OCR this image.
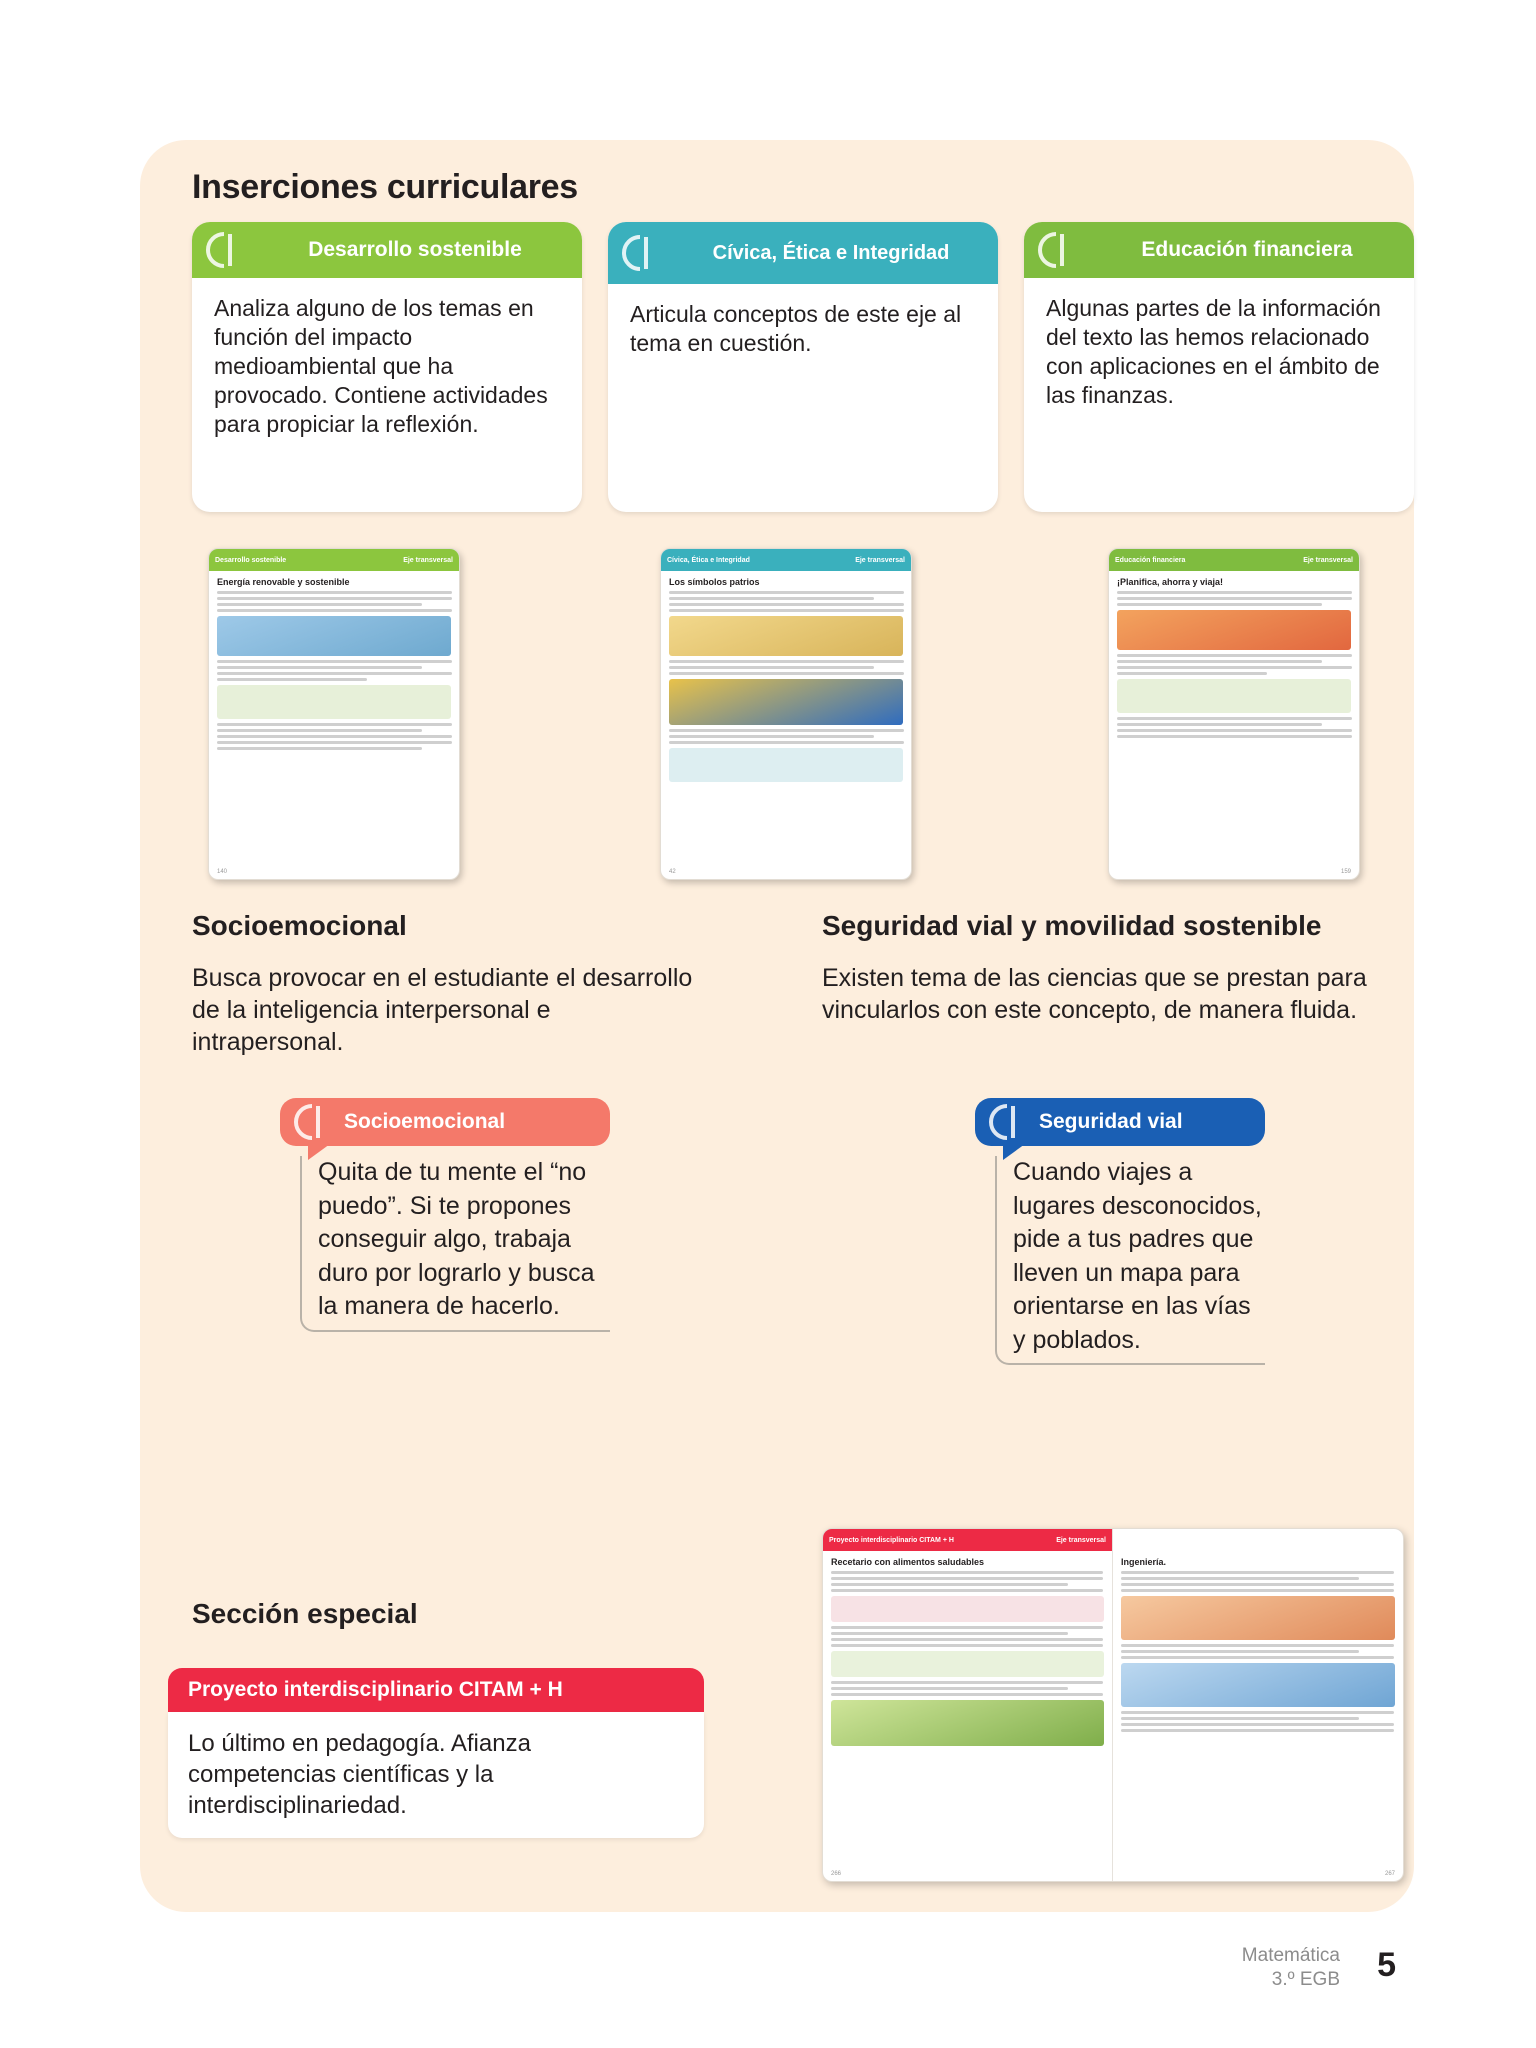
Inserciones curriculares
Desarrollo sostenible
Analiza alguno de los temas en función del impacto medioambiental que ha provocado. Contiene actividades para propiciar la reflexión.
Cívica, Ética e Integridad
Articula conceptos de este eje al tema en cuestión.
Educación financiera
Algunas partes de la información del texto las hemos relacionado con aplicaciones en el ámbito de las finanzas.
Desarrollo sostenible	Eje transversal
Energía renovable y sostenible
140
Cívica, Ética e Integridad	Eje transversal
Los símbolos patrios
42
Educación financiera	Eje transversal
¡Planifica, ahorra y viaja!
159
Socioemocional
Busca provocar en el estudiante el desarrollo de la inteligencia interpersonal e intrapersonal.
Socioemocional
Quita de tu mente el “no puedo”. Si te propones conseguir algo, trabaja duro por lograrlo y busca la manera de hacerlo.
Seguridad vial y movilidad sostenible
Existen tema de las ciencias que se prestan para vincularlos con este concepto, de manera fluida.
Seguridad vial
Cuando viajes a lugares desconocidos, pide a tus padres que lleven un mapa para orientarse en las vías y poblados.
Sección especial
Proyecto interdisciplinario CITAM + H
Lo último en pedagogía. Afianza competencias científicas y la interdisciplinariedad.
Proyecto interdisciplinario CITAM + H	Eje transversal
Recetario con alimentos saludables
266
Ingeniería.
267
Matemática
3.º EGB 5
